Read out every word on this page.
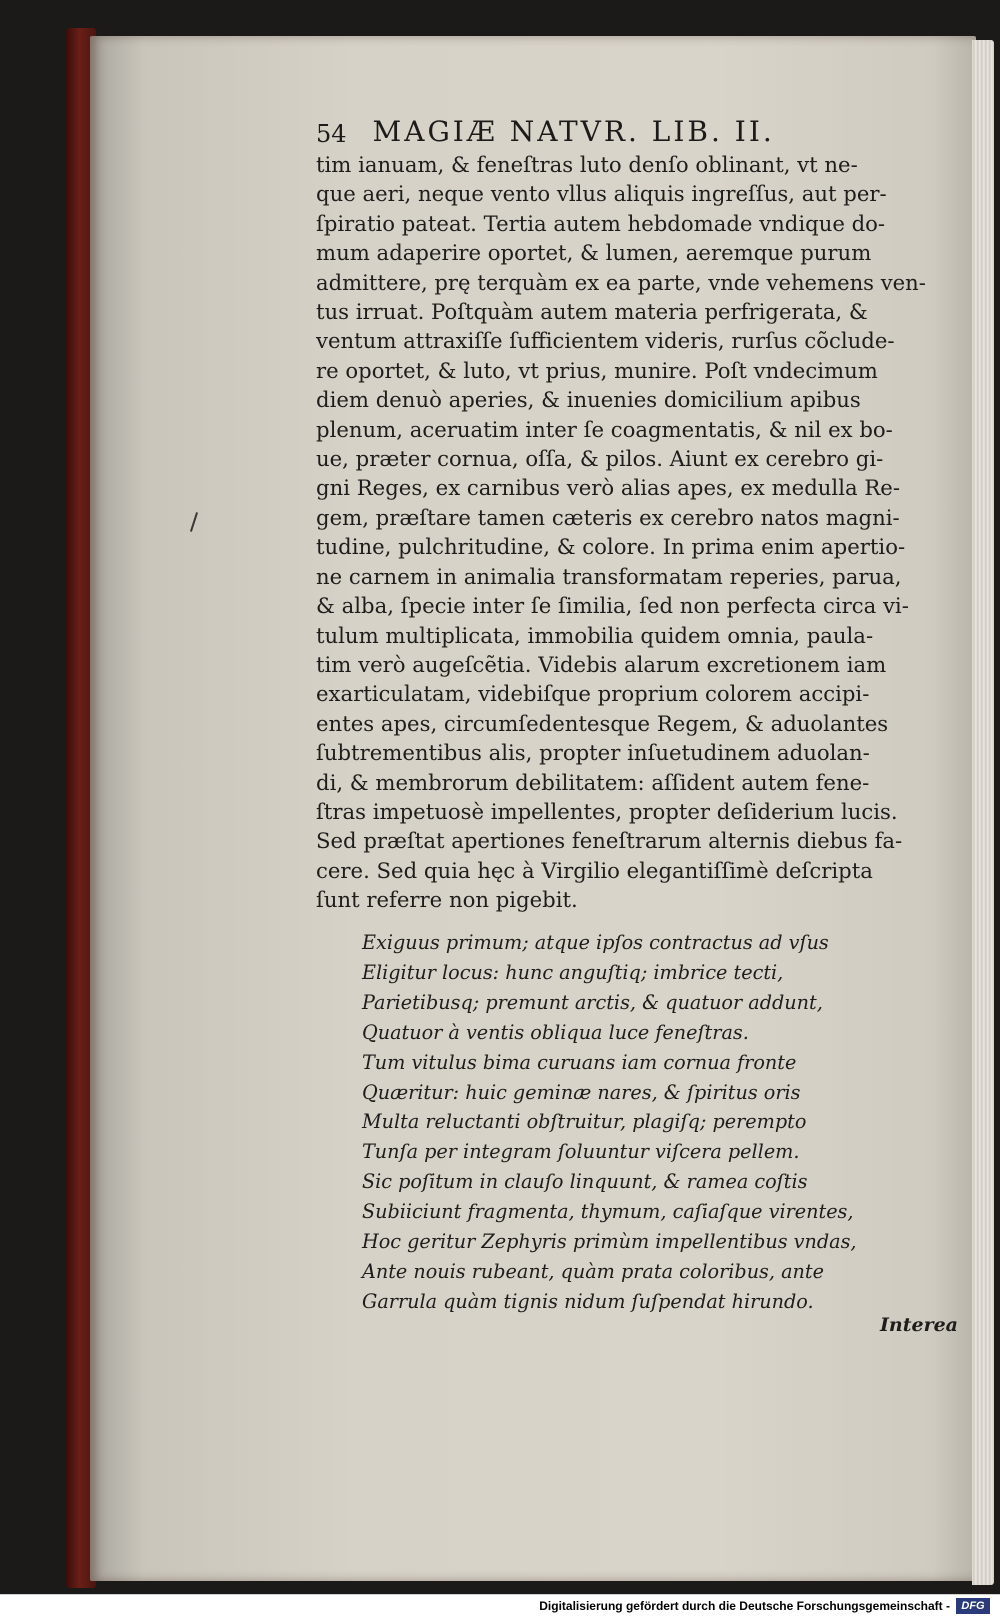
54 MAGIÆ NATVR. LIB. II.
tim ianuam, & feneſtras luto denſo oblinant, vt ne-
que aeri, neque vento vllus aliquis ingreſſus, aut per-
ſpiratio pateat. Tertia autem hebdomade vndique do-
mum adaperire oportet, & lumen, aeremque purum
admittere, prę terquàm ex ea parte, vnde vehemens ven-
tus irruat. Poſtquàm autem materia perfrigerata, &
ventum attraxiſſe ſufficientem videris, rurſus cõclude-
re oportet, & luto, vt prius, munire. Poſt vndecimum
diem denuò aperies, & inuenies domicilium apibus
plenum, aceruatim inter ſe coagmentatis, & nil ex bo-
ue, præter cornua, oſſa, & pilos. Aiunt ex cerebro gi-
gni Reges, ex carnibus verò alias apes, ex medulla Re-
gem, præſtare tamen cæteris ex cerebro natos magni-
tudine, pulchritudine, & colore. In prima enim apertio-
ne carnem in animalia transformatam reperies, parua,
& alba, ſpecie inter ſe ſimilia, ſed non perfecta circa vi-
tulum multiplicata, immobilia quidem omnia, paula-
tim verò augeſcẽtia. Videbis alarum excretionem iam
exarticulatam, videbiſque proprium colorem accipi-
entes apes, circumſedentesque Regem, & aduolantes
ſubtrementibus alis, propter inſuetudinem aduolan-
di, & membrorum debilitatem: aſſident autem fene-
ſtras impetuosè impellentes, propter deſiderium lucis.
Sed præſtat apertiones feneſtrarum alternis diebus fa-
cere. Sed quia hęc à Virgilio elegantiſſimè deſcripta
ſunt referre non pigebit.
Exiguus primum; atque ipſos contractus ad vſus
Eligitur locus: hunc anguſtiq; imbrice tecti,
Parietibusq; premunt arctis, & quatuor addunt,
Quatuor à ventis obliqua luce feneſtras.
Tum vitulus bima curuans iam cornua fronte
Quæritur: huic geminæ nares, & ſpiritus oris
Multa reluctanti obſtruitur, plagiſq; perempto
Tunſa per integram ſoluuntur viſcera pellem.
Sic poſitum in clauſo linquunt, & ramea coſtis
Subiiciunt fragmenta, thymum, caſiaſque virentes,
Hoc geritur Zephyris primùm impellentibus vndas,
Ante nouis rubeant, quàm prata coloribus, ante
Garrula quàm tignis nidum ſuſpendat hirundo.
Interea
Digitalisierung gefördert durch die Deutsche Forschungsgemeinschaft -	DFG
